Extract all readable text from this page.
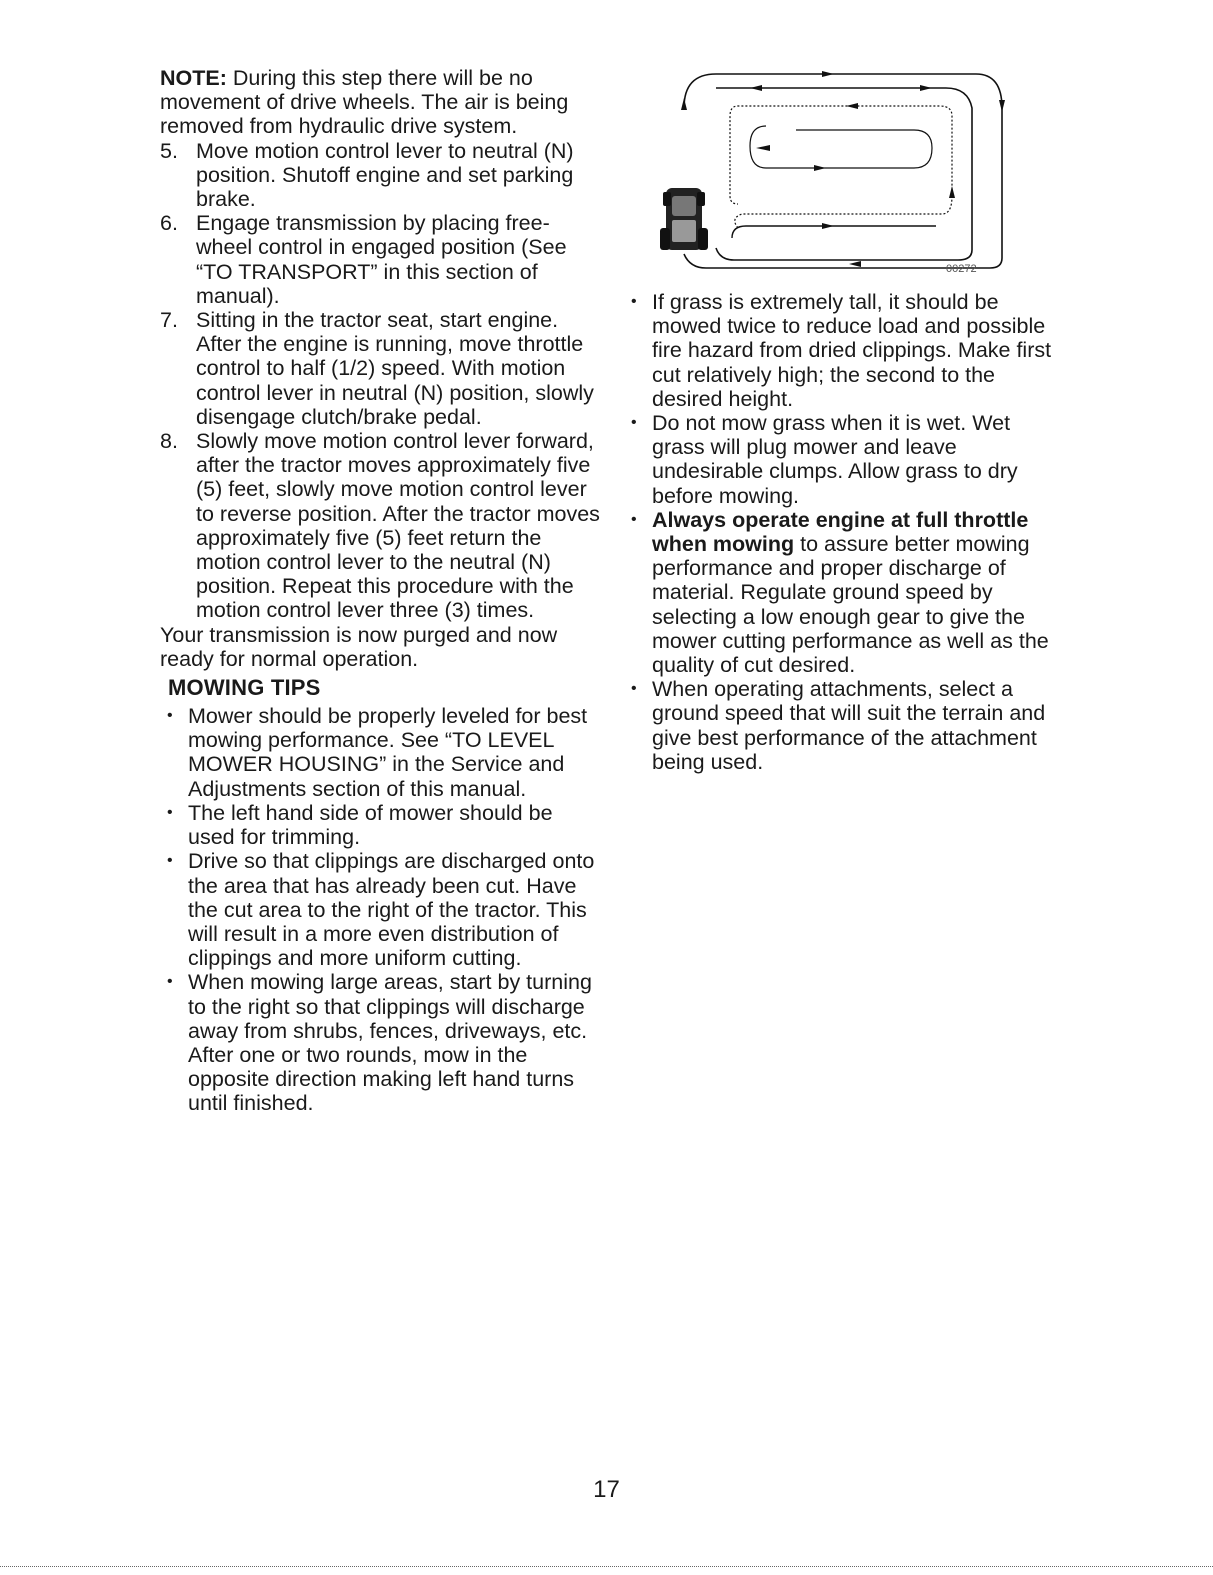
NOTE: During this step there will be no movement of drive wheels. The air is being removed from hydraulic drive system.

5. Move motion control lever to neutral (N) position. Shutoff engine and set parking brake.
6. Engage transmission by placing free-wheel control in engaged position (See “TO TRANSPORT” in this section of manual).
7. Sitting in the tractor seat, start engine. After the engine is running, move throttle control to half (1/2) speed. With motion control lever in neutral (N) position, slowly disengage clutch/brake pedal.
8. Slowly move motion control lever forward, after the tractor moves approximately five (5) feet, slowly move motion control lever to reverse position. After the tractor moves approximately five (5) feet return the motion control lever to the neutral (N) position. Repeat this procedure with the motion control lever three (3) times.

Your transmission is now purged and now ready for normal operation.

MOWING TIPS
• Mower should be properly leveled for best mowing performance. See “TO LEVEL MOWER HOUSING” in the Service and Adjustments section of this manual.
• The left hand side of mower should be used for trimming.
• Drive so that clippings are discharged onto the area that has already been cut. Have the cut area to the right of the tractor. This will result in a more even distribution of clippings and more uniform cutting.
• When mowing large areas, start by turning to the right so that clippings will discharge away from shrubs, fences, driveways, etc. After one or two rounds, mow in the opposite direction making left hand turns until finished.
00272
• If grass is extremely tall, it should be mowed twice to reduce load and possible fire hazard from dried clippings. Make first cut relatively high; the second to the desired height.
• Do not mow grass when it is wet. Wet grass will plug mower and leave undesirable clumps. Allow grass to dry before mowing.
• Always operate engine at full throttle when mowing to assure better mowing performance and proper discharge of material. Regulate ground speed by selecting a low enough gear to give the mower cutting performance as well as the quality of cut desired.
• When operating attachments, select a ground speed that will suit the terrain and give best performance of the attachment being used.
17
